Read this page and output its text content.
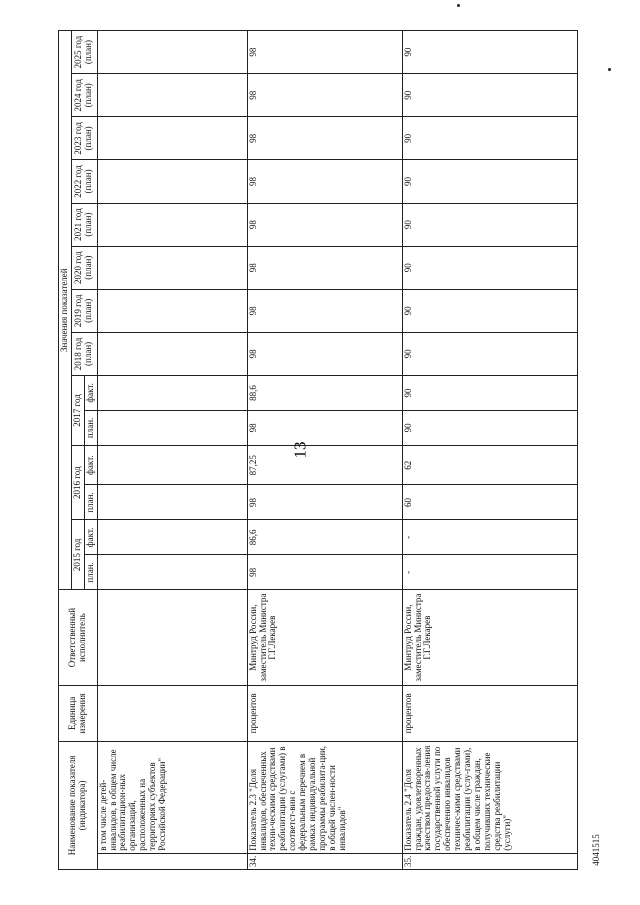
13
4041515
Наименование показателя (индикатора)		Единица измерения	Ответственный исполнитель	Значения показателей													
				2015 год		2016 год		2017 год		2018 год (план)	2019 год (план)	2020 год (план)	2021 год (план)	2022 год (план)	2023 год (план)	2024 год (план)	2025 год (план)
				план.	факт.	план.	факт.	план.	факт.								
	в том числе детей-инвалидов, в общем числе реабилитацион-ных организаций, расположенных на территориях субъектов Российской Федерации"																
34.	Показатель 2.3 "Доля инвалидов, обеспеченных техни-ческими средствами реабилитации (услугами) в соответст-вии с федеральным перечнем в рамках индивидуальной программы реабилита-ции, в общей числен-ности инвалидов"	процентов	Минтруд России, заместитель Министра Г.Г.Лекарев	98	86,6	98	87,25	98	88,6	98	98	98	98	98	98	98	98
35.	Показатель 2.4 "Доля граждан, удовлетворенных качеством предостав-ления государственной услуги по обеспечению инвалидов техничес-кими средствами реабилитации (услу-гами), в общем числе граждан, получивших технические средства реабилитации (услуги)"	процентов	Минтруд России, заместитель Министра Г.Г.Лекарев	-	-	60	62	90	90	90	90	90	90	90	90	90	90
